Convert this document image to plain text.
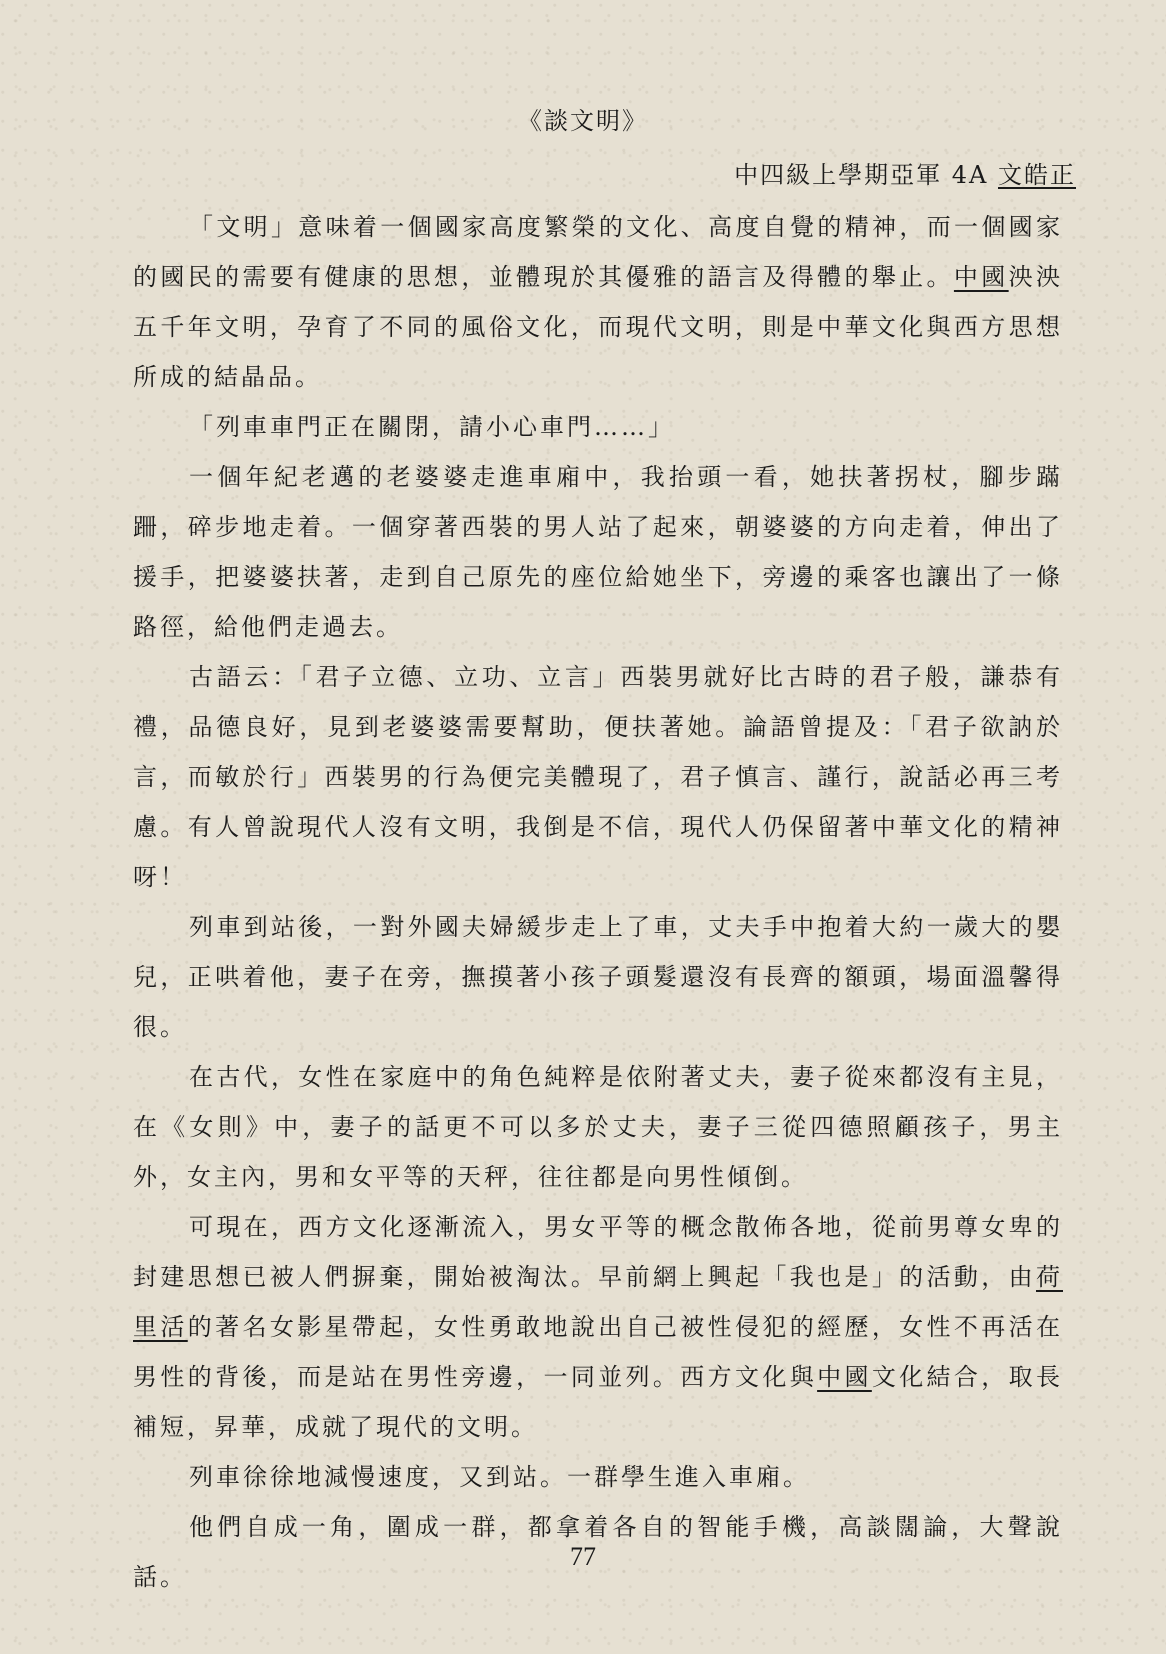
《談文明》
中四級上學期亞軍 4A 文皓正

「文明」意味着一個國家高度繁榮的文化、高度自覺的精神，而一個國家的國民的需要有健康的思想，並體現於其優雅的語言及得體的舉止。中國泱泱五千年文明，孕育了不同的風俗文化，而現代文明，則是中華文化與西方思想所成的結晶品。

「列車車門正在關閉，請小心車門……」

一個年紀老邁的老婆婆走進車廂中，我抬頭一看，她扶著拐杖，腳步蹣跚，碎步地走着。一個穿著西裝的男人站了起來，朝婆婆的方向走着，伸出了援手，把婆婆扶著，走到自己原先的座位給她坐下，旁邊的乘客也讓出了一條路徑，給他們走過去。

古語云：「君子立德、立功、立言」西裝男就好比古時的君子般，謙恭有禮，品德良好，見到老婆婆需要幫助，便扶著她。論語曾提及：「君子欲訥於言，而敏於行」西裝男的行為便完美體現了，君子慎言、謹行，說話必再三考慮。有人曾說現代人沒有文明，我倒是不信，現代人仍保留著中華文化的精神呀！

列車到站後，一對外國夫婦緩步走上了車，丈夫手中抱着大約一歲大的嬰兒，正哄着他，妻子在旁，撫摸著小孩子頭髮還沒有長齊的額頭，場面溫馨得很。

在古代，女性在家庭中的角色純粹是依附著丈夫，妻子從來都沒有主見，在《女則》中，妻子的話更不可以多於丈夫，妻子三從四德照顧孩子，男主外，女主內，男和女平等的天秤，往往都是向男性傾倒。

可現在，西方文化逐漸流入，男女平等的概念散佈各地，從前男尊女卑的封建思想已被人們摒棄，開始被淘汰。早前網上興起「我也是」的活動，由荷里活的著名女影星帶起，女性勇敢地說出自己被性侵犯的經歷，女性不再活在男性的背後，而是站在男性旁邊，一同並列。西方文化與中國文化結合，取長補短，昇華，成就了現代的文明。

列車徐徐地減慢速度，又到站。一群學生進入車廂。

他們自成一角，圍成一群，都拿着各自的智能手機，高談闊論，大聲說話。

77
